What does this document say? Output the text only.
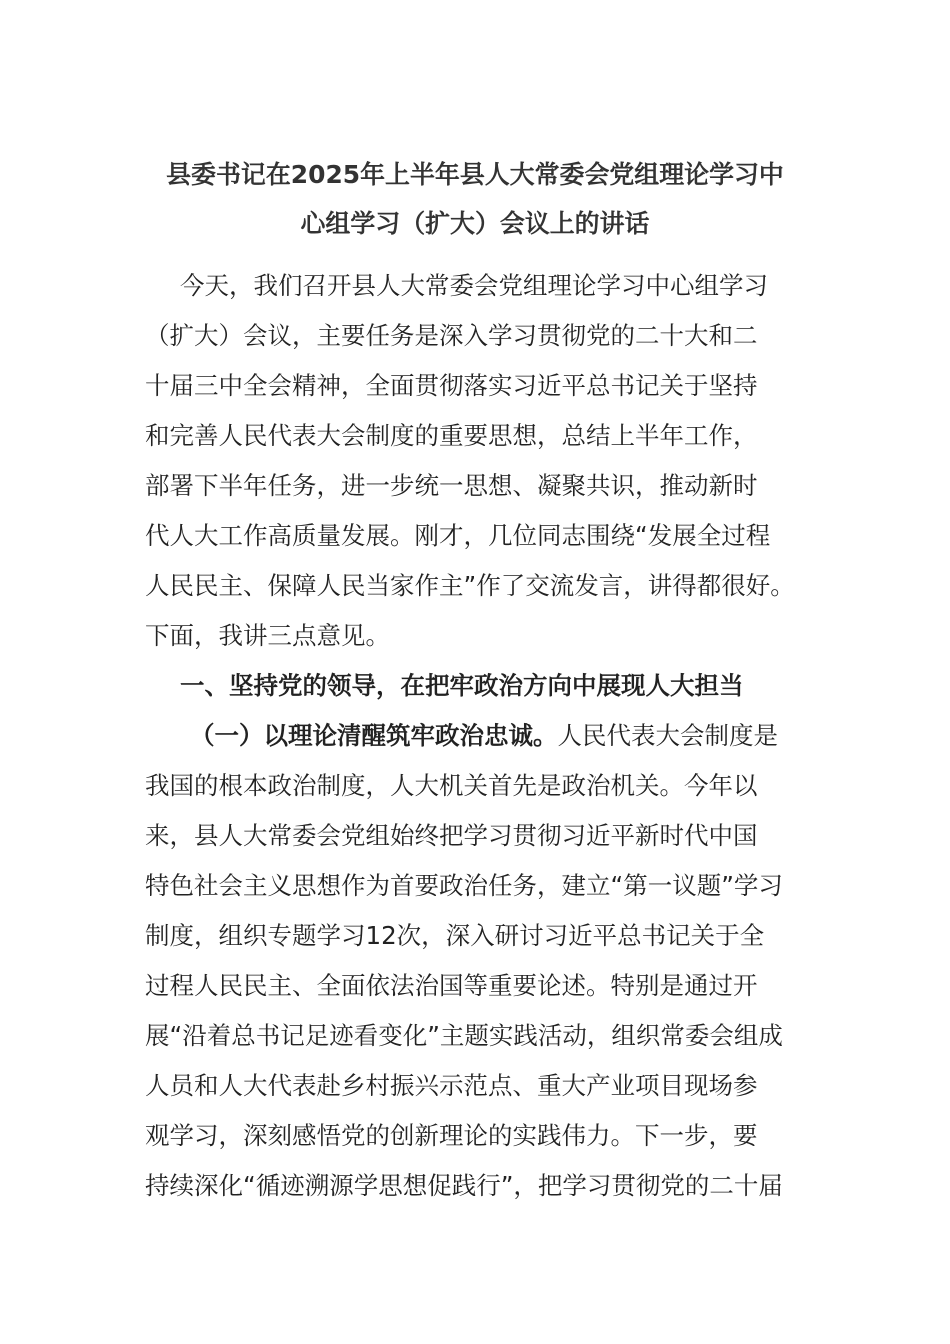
县委书记在2025年上半年县人大常委会党组理论学习中
心组学习（扩大）会议上的讲话
今天，我们召开县人大常委会党组理论学习中心组学习
（扩大）会议，主要任务是深入学习贯彻党的二十大和二
十届三中全会精神，全面贯彻落实习近平总书记关于坚持
和完善人民代表大会制度的重要思想，总结上半年工作，
部署下半年任务，进一步统一思想、凝聚共识，推动新时
代人大工作高质量发展。刚才，几位同志围绕“发展全过程
人民民主、保障人民当家作主”作了交流发言，讲得都很好。
下面，我讲三点意见。
一、坚持党的领导，在把牢政治方向中展现人大担当
（一）以理论清醒筑牢政治忠诚。人民代表大会制度是
我国的根本政治制度，人大机关首先是政治机关。今年以
来，县人大常委会党组始终把学习贯彻习近平新时代中国
特色社会主义思想作为首要政治任务，建立“第一议题”学习
制度，组织专题学习12次，深入研讨习近平总书记关于全
过程人民民主、全面依法治国等重要论述。特别是通过开
展“沿着总书记足迹看变化”主题实践活动，组织常委会组成
人员和人大代表赴乡村振兴示范点、重大产业项目现场参
观学习，深刻感悟党的创新理论的实践伟力。下一步，要
持续深化“循迹溯源学思想促践行”，把学习贯彻党的二十届
